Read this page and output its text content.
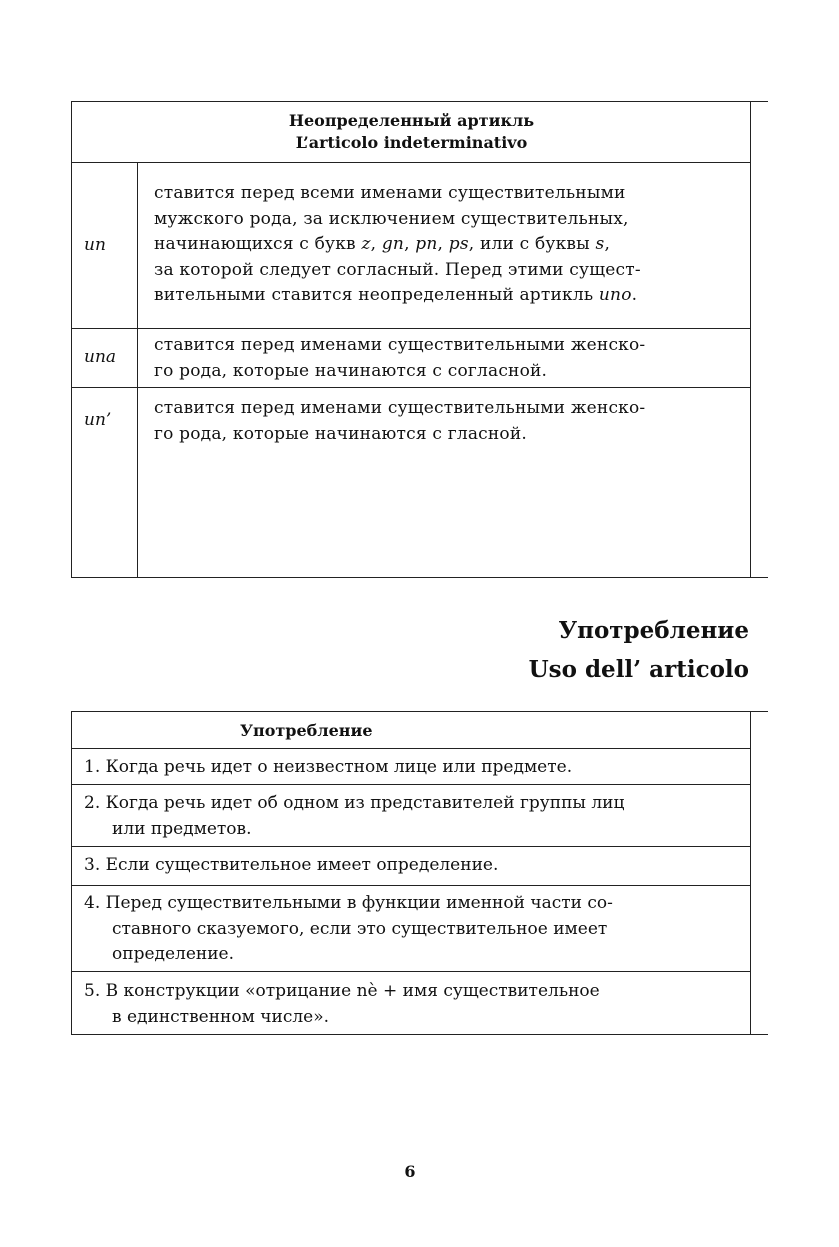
Неопределенный артикль
L’articolo indeterminativo
un
ставится перед всеми именами существительными
мужского рода, за исключением существительных,
начинающихся с букв z, gn, pn, ps, или с буквы s,
за которой следует согласный. Перед этими сущест-
вительными ставится неопределенный артикль uno.
una
ставится перед именами существительными женско-
го рода, которые начинаются с согласной.
un’
ставится перед именами существительными женско-
го рода, которые начинаются с гласной.
Употребление
Uso dell’ articolo
Употребление
1. Когда речь идет о неизвестном лице или предмете.
2. Когда речь идет об одном из представителей группы лиц
или предметов.
3. Если существительное имеет определение.
4. Перед существительными в функции именной части со-
ставного сказуемого, если это существительное имеет
определение.
5. В конструкции «отрицание nè + имя существительное
в единственном числе».
6
